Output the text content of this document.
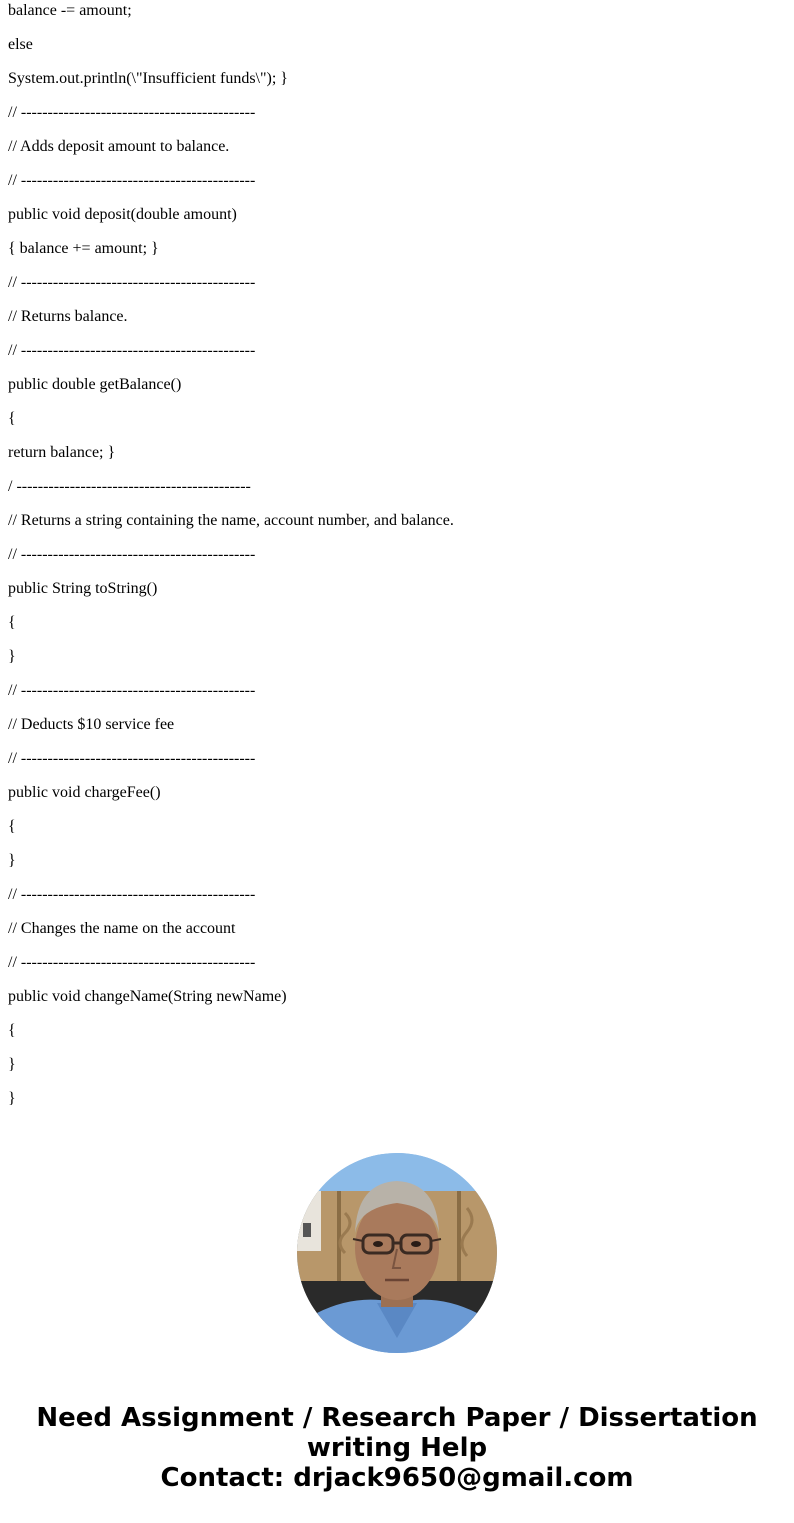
balance -= amount;

else

System.out.println(\"Insufficient funds\"); }

// --------------------------------------------

// Adds deposit amount to balance.

// --------------------------------------------

public void deposit(double amount)

{ balance += amount; }

// --------------------------------------------

// Returns balance.

// --------------------------------------------

public double getBalance()

{

return balance; }

/ --------------------------------------------

// Returns a string containing the name, account number, and balance.

// --------------------------------------------

public String toString()

{

}

// --------------------------------------------

// Deducts $10 service fee

// --------------------------------------------

public void chargeFee()

{

}

// --------------------------------------------

// Changes the name on the account

// --------------------------------------------

public void changeName(String newName)

{

}

}

Need Assignment / Research Paper / Dissertation
writing Help
Contact: drjack9650@gmail.com
